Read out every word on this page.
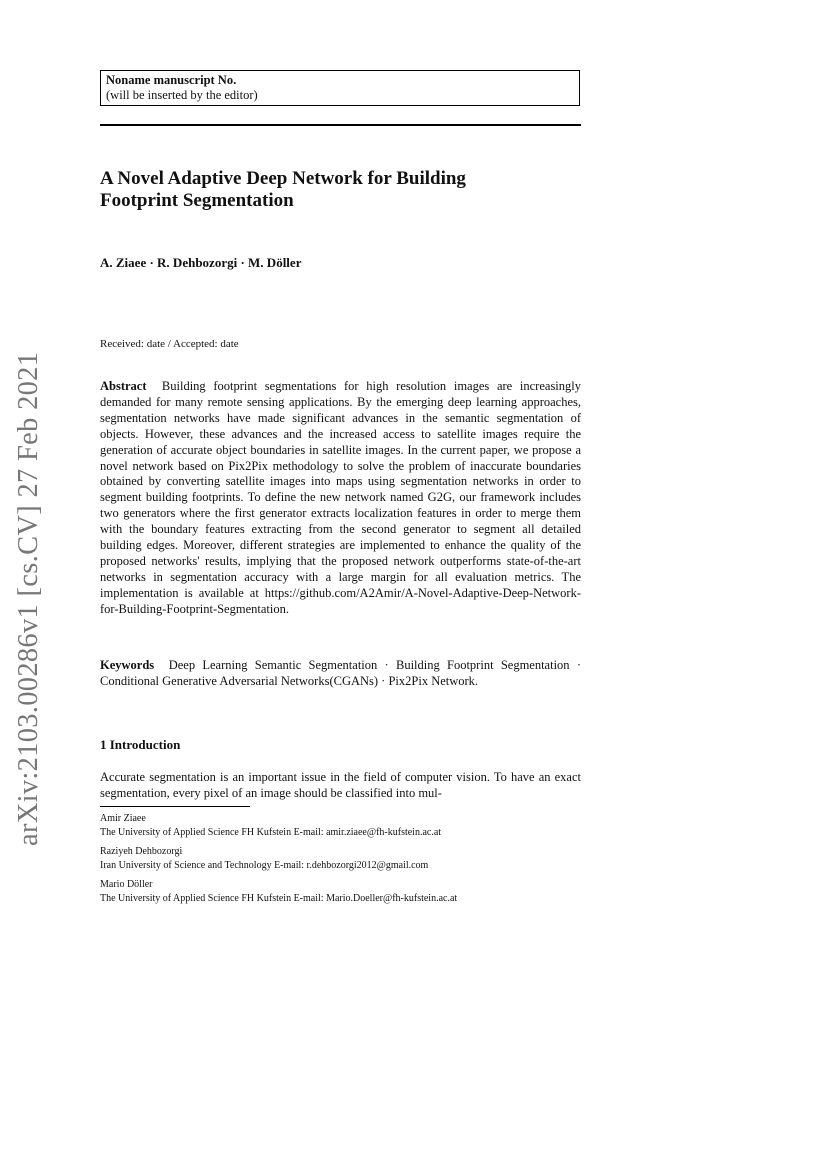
Noname manuscript No.
(will be inserted by the editor)
A Novel Adaptive Deep Network for Building
Footprint Segmentation
A. Ziaee · R. Dehbozorgi · M. Döller
Received: date / Accepted: date
Abstract Building footprint segmentations for high resolution images are increasingly demanded for many remote sensing applications. By the emerging deep learning approaches, segmentation networks have made significant advances in the semantic segmentation of objects. However, these advances and the increased access to satellite images require the generation of accurate object boundaries in satellite images. In the current paper, we propose a novel network based on Pix2Pix methodology to solve the problem of inaccurate boundaries obtained by converting satellite images into maps using segmentation networks in order to segment building footprints. To define the new network named G2G, our framework includes two generators where the first generator extracts localization features in order to merge them with the boundary features extracting from the second generator to segment all detailed building edges. Moreover, different strategies are implemented to enhance the quality of the proposed networks' results, implying that the proposed network outperforms state-of-the-art networks in segmentation accuracy with a large margin for all evaluation metrics. The implementation is available at https://github.com/A2Amir/A-Novel-Adaptive-Deep-Network-for-Building-Footprint-Segmentation.
Keywords Deep Learning Semantic Segmentation · Building Footprint Segmentation · Conditional Generative Adversarial Networks(CGANs) · Pix2Pix Network.
1 Introduction
Accurate segmentation is an important issue in the field of computer vision. To have an exact segmentation, every pixel of an image should be classified into mul-
Amir Ziaee
The University of Applied Science FH Kufstein E-mail: amir.ziaee@fh-kufstein.ac.at
Raziyeh Dehbozorgi
Iran University of Science and Technology E-mail: r.dehbozorgi2012@gmail.com
Mario Döller
The University of Applied Science FH Kufstein E-mail: Mario.Doeller@fh-kufstein.ac.at
arXiv:2103.00286v1 [cs.CV] 27 Feb 2021
